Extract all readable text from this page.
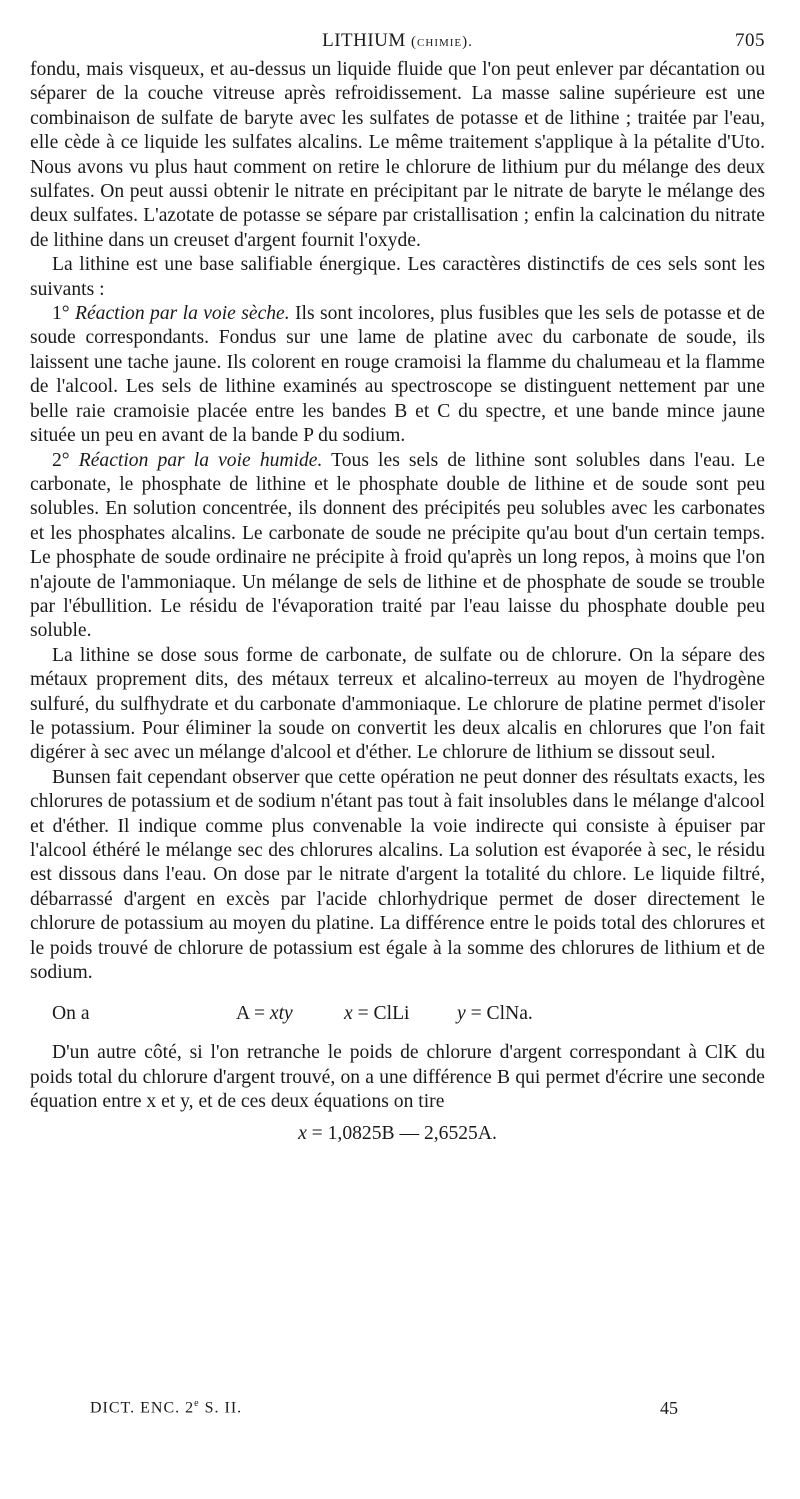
LITHIUM (chimie).	705

fondu, mais visqueux, et au-dessus un liquide fluide que l'on peut enlever par décantation ou séparer de la couche vitreuse après refroidissement. La masse saline supérieure est une combinaison de sulfate de baryte avec les sulfates de potasse et de lithine ; traitée par l'eau, elle cède à ce liquide les sulfates alcalins. Le même traitement s'applique à la pétalite d'Uto. Nous avons vu plus haut comment on retire le chlorure de lithium pur du mélange des deux sulfates. On peut aussi obtenir le nitrate en précipitant par le nitrate de baryte le mélange des deux sulfates. L'azotate de potasse se sépare par cristallisation ; enfin la calcination du nitrate de lithine dans un creuset d'argent fournit l'oxyde.

La lithine est une base salifiable énergique. Les caractères distinctifs de ces sels sont les suivants :

1° Réaction par la voie sèche. Ils sont incolores, plus fusibles que les sels de potasse et de soude correspondants. Fondus sur une lame de platine avec du carbonate de soude, ils laissent une tache jaune. Ils colorent en rouge cramoisi la flamme du chalumeau et la flamme de l'alcool. Les sels de lithine examinés au spectroscope se distinguent nettement par une belle raie cramoisie placée entre les bandes B et C du spectre, et une bande mince jaune située un peu en avant de la bande P du sodium.

2° Réaction par la voie humide. Tous les sels de lithine sont solubles dans l'eau. Le carbonate, le phosphate de lithine et le phosphate double de lithine et de soude sont peu solubles. En solution concentrée, ils donnent des précipités peu solubles avec les carbonates et les phosphates alcalins. Le carbonate de soude ne précipite qu'au bout d'un certain temps. Le phosphate de soude ordinaire ne précipite à froid qu'après un long repos, à moins que l'on n'ajoute de l'ammoniaque. Un mélange de sels de lithine et de phosphate de soude se trouble par l'ébullition. Le résidu de l'évaporation traité par l'eau laisse du phosphate double peu soluble.

La lithine se dose sous forme de carbonate, de sulfate ou de chlorure. On la sépare des métaux proprement dits, des métaux terreux et alcalino-terreux au moyen de l'hydrogène sulfuré, du sulfhydrate et du carbonate d'ammoniaque. Le chlorure de platine permet d'isoler le potassium. Pour éliminer la soude on convertit les deux alcalis en chlorures que l'on fait digérer à sec avec un mélange d'alcool et d'éther. Le chlorure de lithium se dissout seul.

Bunsen fait cependant observer que cette opération ne peut donner des résultats exacts, les chlorures de potassium et de sodium n'étant pas tout à fait insolubles dans le mélange d'alcool et d'éther. Il indique comme plus convenable la voie indirecte qui consiste à épuiser par l'alcool éthéré le mélange sec des chlorures alcalins. La solution est évaporée à sec, le résidu est dissous dans l'eau. On dose par le nitrate d'argent la totalité du chlore. Le liquide filtré, débarrassé d'argent en excès par l'acide chlorhydrique permet de doser directement le chlorure de potassium au moyen du platine. La différence entre le poids total des chlorures et le poids trouvé de chlorure de potassium est égale à la somme des chlorures de lithium et de sodium.

On a	A = xty	x = ClLi y = ClNa.

D'un autre côté, si l'on retranche le poids de chlorure d'argent correspondant à ClK du poids total du chlorure d'argent trouvé, on a une différence B qui permet d'écrire une seconde équation entre x et y, et de ces deux équations on tire

x = 1,0825B — 2,6525A.
DICT. ENC. 2e S. II.	45
